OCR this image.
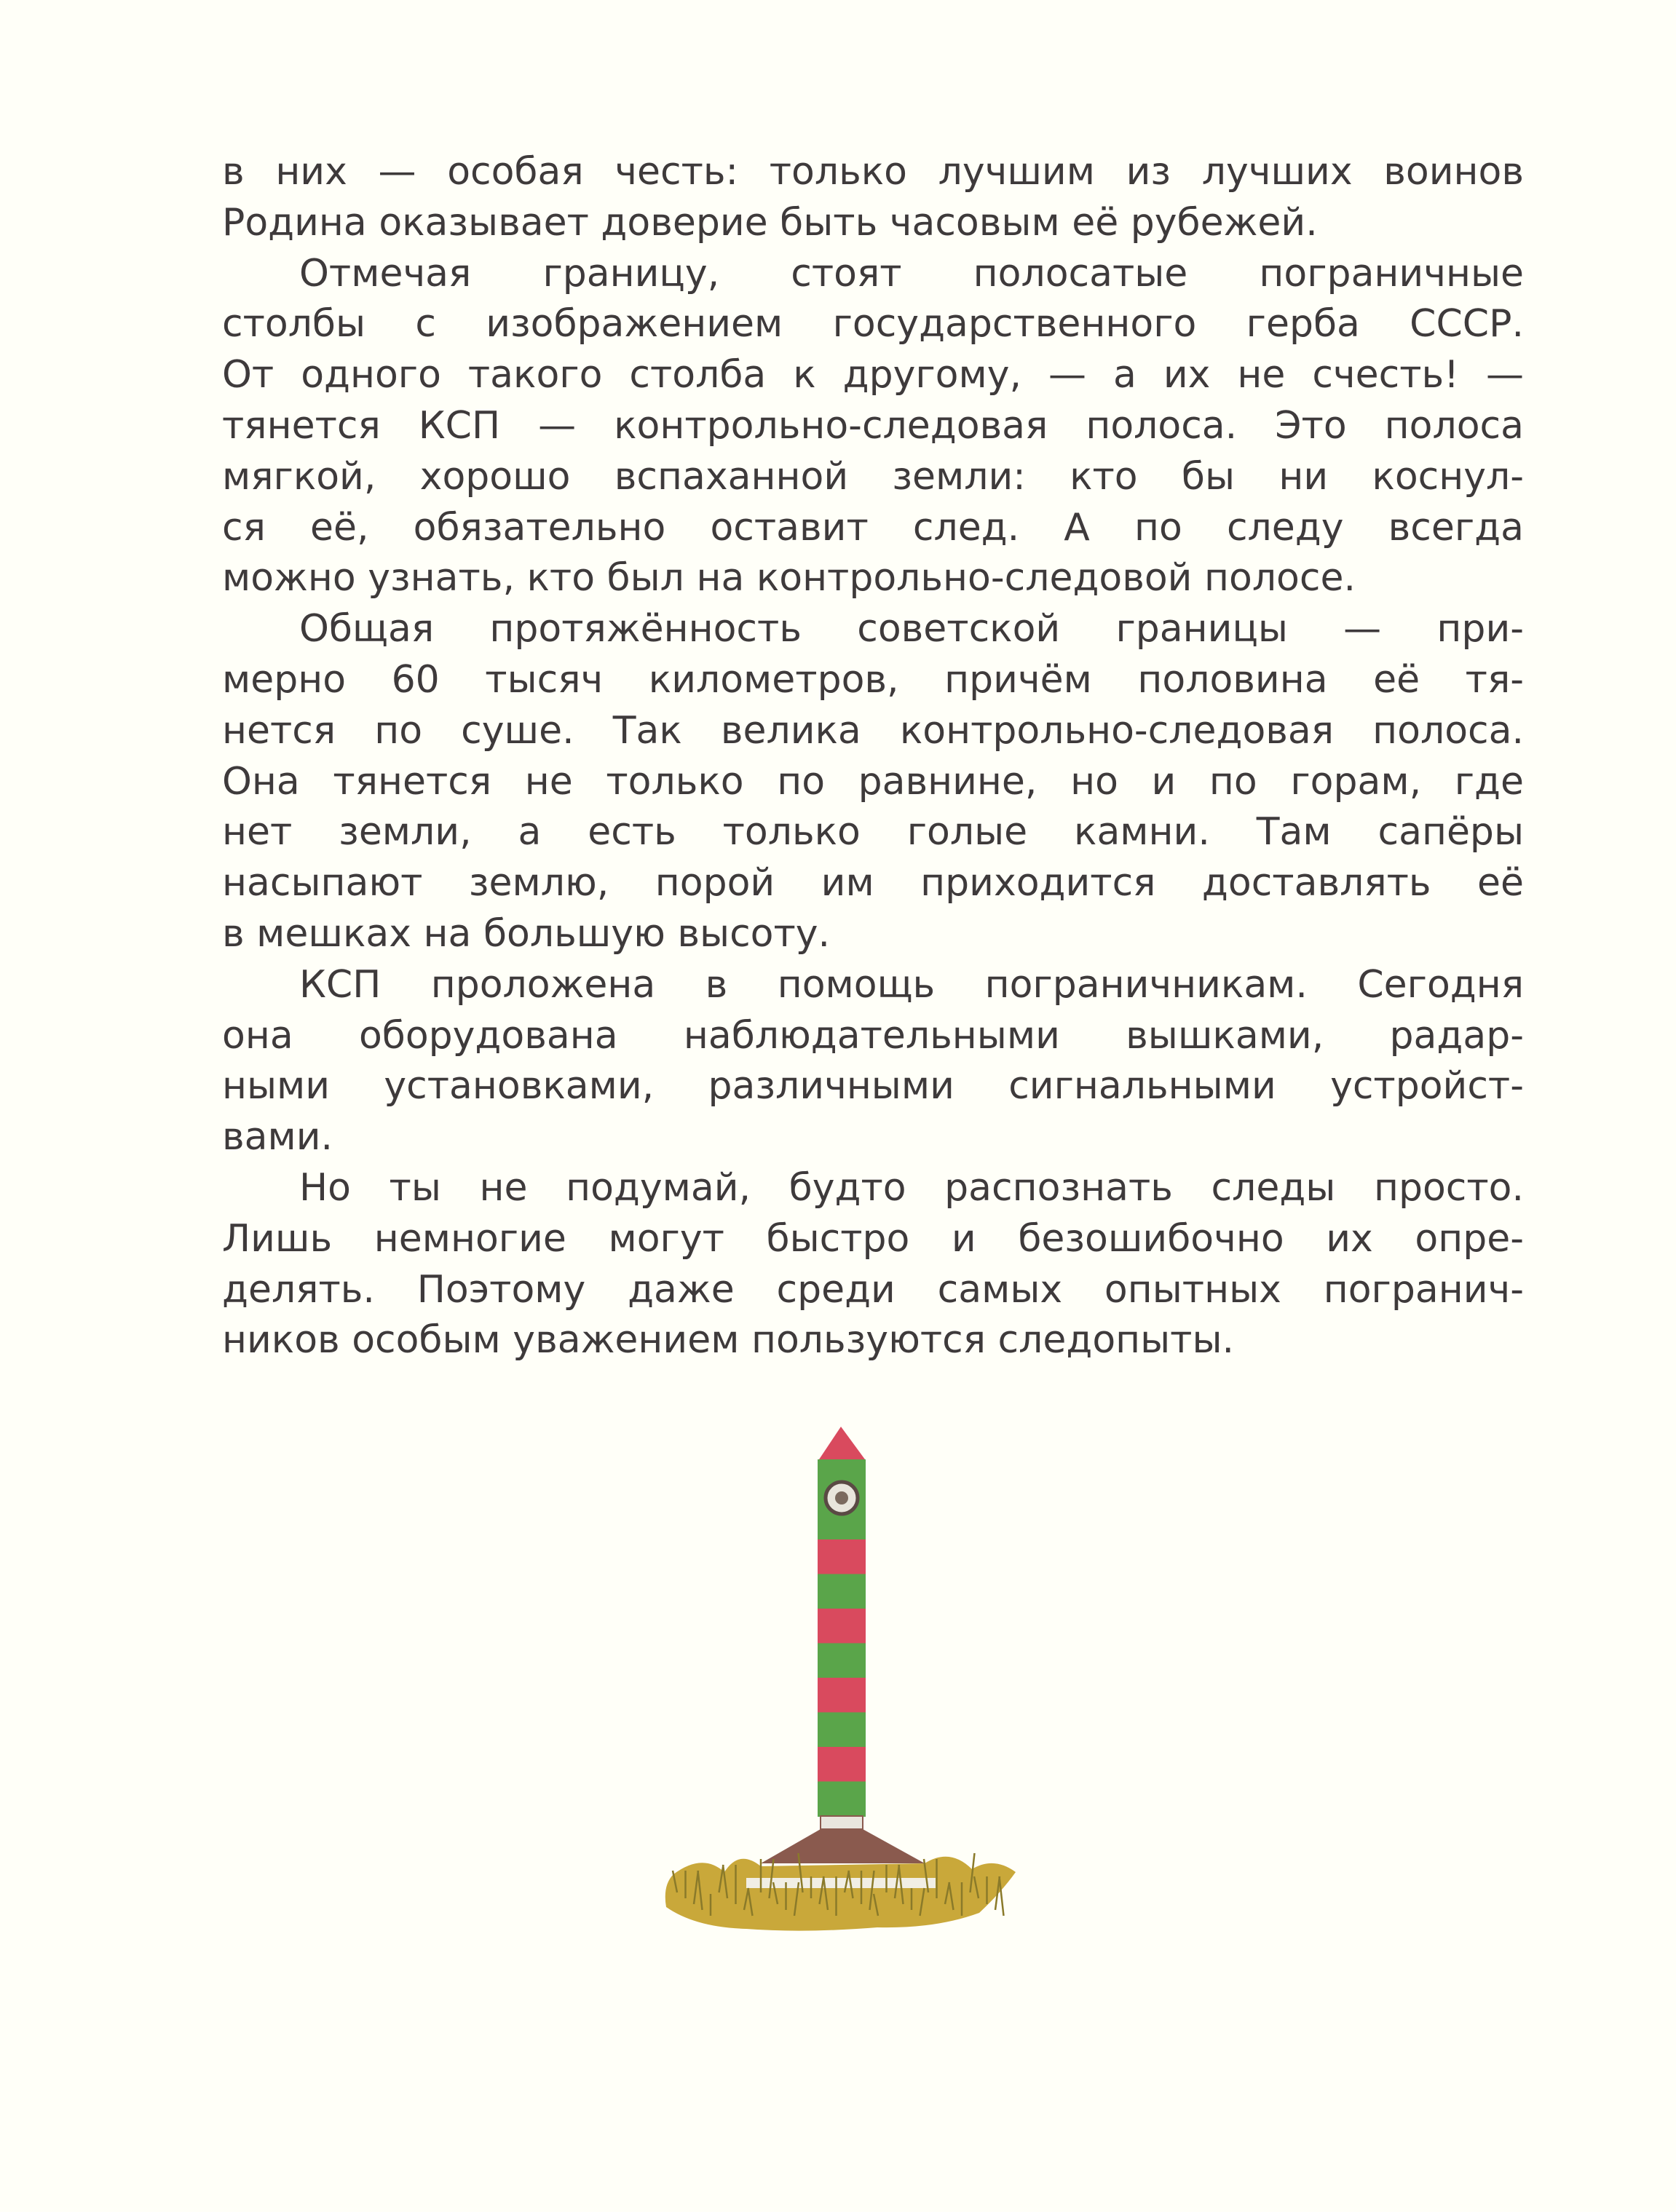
в них — особая честь: только лучшим из лучших воинов
Родина оказывает доверие быть часовым её рубежей.
Отмечая границу, стоят полосатые пограничные
столбы с изображением государственного герба СССР.
От одного такого столба к другому, — а их не счесть! —
тянется КСП — контрольно-следовая полоса. Это полоса
мягкой, хорошо вспаханной земли: кто бы ни коснул-
ся её, обязательно оставит след. А по следу всегда
можно узнать, кто был на контрольно-следовой полосе.
Общая протяжённость советской границы — при-
мерно 60 тысяч километров, причём половина её тя-
нется по суше. Так велика контрольно-следовая полоса.
Она тянется не только по равнине, но и по горам, где
нет земли, а есть только голые камни. Там сапёры
насыпают землю, порой им приходится доставлять её
в мешках на большую высоту.
КСП проложена в помощь пограничникам. Сегодня
она оборудована наблюдательными вышками, радар-
ными установками, различными сигнальными устройст-
вами.
Но ты не подумай, будто распознать следы просто.
Лишь немногие могут быстро и безошибочно их опре-
делять. Поэтому даже среди самых опытных погранич-
ников особым уважением пользуются следопыты.
